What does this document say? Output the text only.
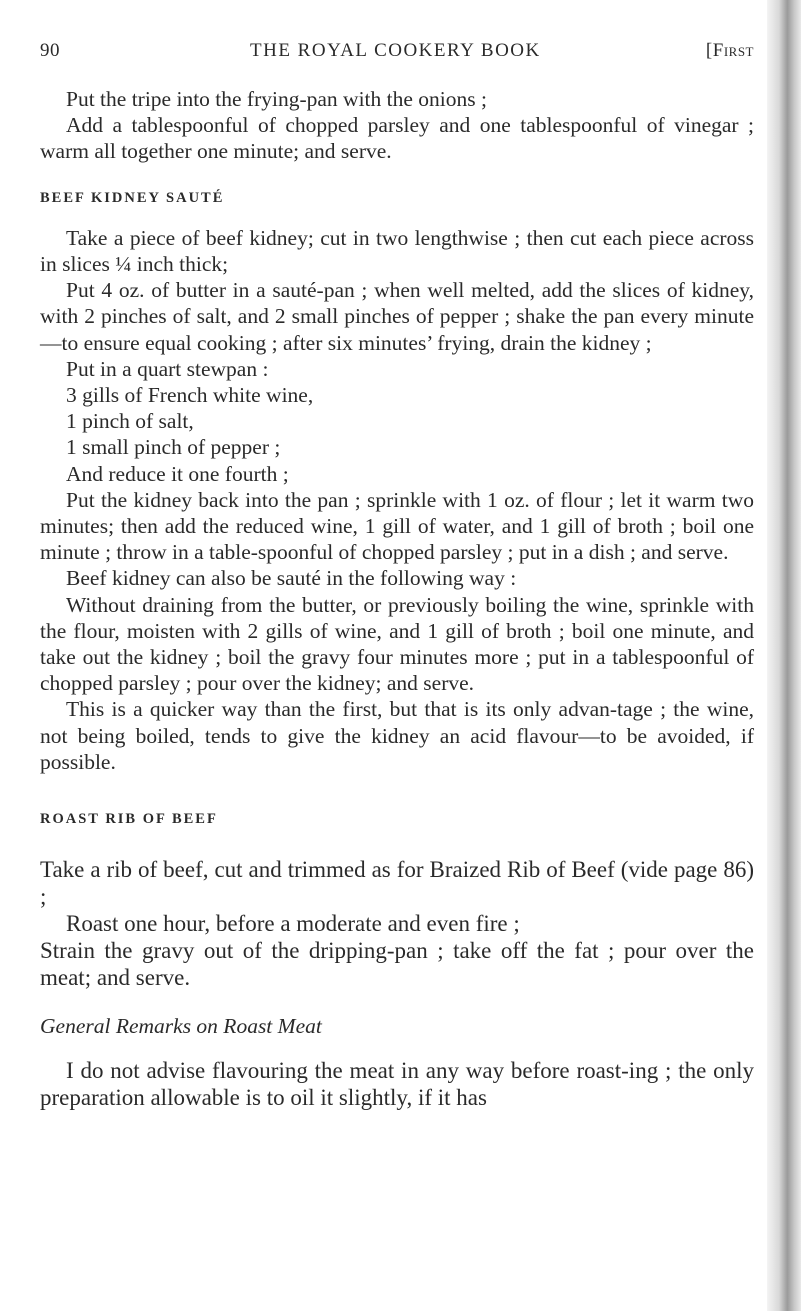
90	THE ROYAL COOKERY BOOK	[First

Put the tripe into the frying-pan with the onions ;

Add a tablespoonful of chopped parsley and one tablespoonful of vinegar ; warm all together one minute; and serve.

BEEF KIDNEY SAUTÉ

Take a piece of beef kidney; cut in two lengthwise ; then cut each piece across in slices ¼ inch thick;

Put 4 oz. of butter in a sauté-pan ; when well melted, add the slices of kidney, with 2 pinches of salt, and 2 small pinches of pepper ; shake the pan every minute—to ensure equal cooking ; after six minutes’ frying, drain the kidney ;

Put in a quart stewpan :

3 gills of French white wine,

1 pinch of salt,

1 small pinch of pepper ;

And reduce it one fourth ;

Put the kidney back into the pan ; sprinkle with 1 oz. of flour ; let it warm two minutes; then add the reduced wine, 1 gill of water, and 1 gill of broth ; boil one minute ; throw in a table-spoonful of chopped parsley ; put in a dish ; and serve.

Beef kidney can also be sauté in the following way :

Without draining from the butter, or previously boiling the wine, sprinkle with the flour, moisten with 2 gills of wine, and 1 gill of broth ; boil one minute, and take out the kidney ; boil the gravy four minutes more ; put in a tablespoonful of chopped parsley ; pour over the kidney; and serve.

This is a quicker way than the first, but that is its only advan-tage ; the wine, not being boiled, tends to give the kidney an acid flavour—to be avoided, if possible.

ROAST RIB OF BEEF

Take a rib of beef, cut and trimmed as for Braized Rib of Beef (vide page 86) ;

Roast one hour, before a moderate and even fire ;

Strain the gravy out of the dripping-pan ; take off the fat ; pour over the meat; and serve.

General Remarks on Roast Meat

I do not advise flavouring the meat in any way before roast-ing ; the only preparation allowable is to oil it slightly, if it has
